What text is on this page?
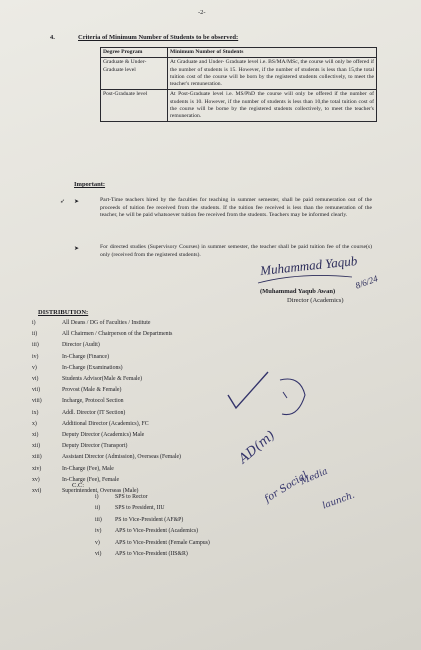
-2-
4.	Criteria of Minimum Number of Students to be observed:
Degree Program	Minimum Number of Students
Graduate & Under-Graduate level	At Graduate and Under- Graduate level i.e. BS/MA/MSc, the course will only be offered if the number of students is 15. However, if the number of students is less than 15,the total tuition cost of the course will be born by the registered students collectively, to meet the teacher's remuneration.
Post-Graduate level	At Post-Graduate level i.e. MS/PhD the course will only be offered if the number of students is 10. However, if the number of students is less than 10,the total tuition cost of the course will be borne by the registered students collectively, to meet the teacher's remuneration.
Important:
➶ ➤	Part-Time teachers hired by the faculties for teaching in summer semester, shall be paid remuneration out of the proceeds of tuition fee received from the students. If the tuition fee received is less than the remuneration of the teacher, he will be paid whatsoever tuition fee received from the students. Teachers may be informed clearly.
➤	For directed studies (Supervisory Courses) in summer semester, the teacher shall be paid tuition fee of the course(s) only (received from the registered students).	Muhammad Yaqub
8/6/24
(Muhammad Yaqub Awan)
Director (Academics)
DISTRIBUTION:
i)	All Deans / DG of Faculties / Institute
ii)	All Chairmen / Chairperson of the Departments
iii)	Director (Audit)
iv)	In-Charge (Finance)
v)	In-Charge (Examinations)
vi)	Students Advisor(Male & Female)
vii)	Provost (Male & Female)
viii)	Incharge, Protocol Section
ix)	Addl. Director (IT Section)
x)	Additional Director (Academics), FC
xi)	Deputy Director (Academics) Male
xii)	Deputy Director (Transport)
xiii)	Assistant Director (Admission), Overseas (Female)
xiv)	In-Charge (Fee), Male
xv)	In-Charge (Fee), Female
xvi)	Superintendent, Overseas (Male)
C.C:
i)	SPS to Rector
ii)	SPS to President, IIU
iii)	PS to Vice-President (AF&P)
iv)	APS to Vice-President (Academics)
v)	APS to Vice-President (Female Campus)
vi)	APS to Vice-President (IIS&R)
AD(m)
for Social
Media
launch.
